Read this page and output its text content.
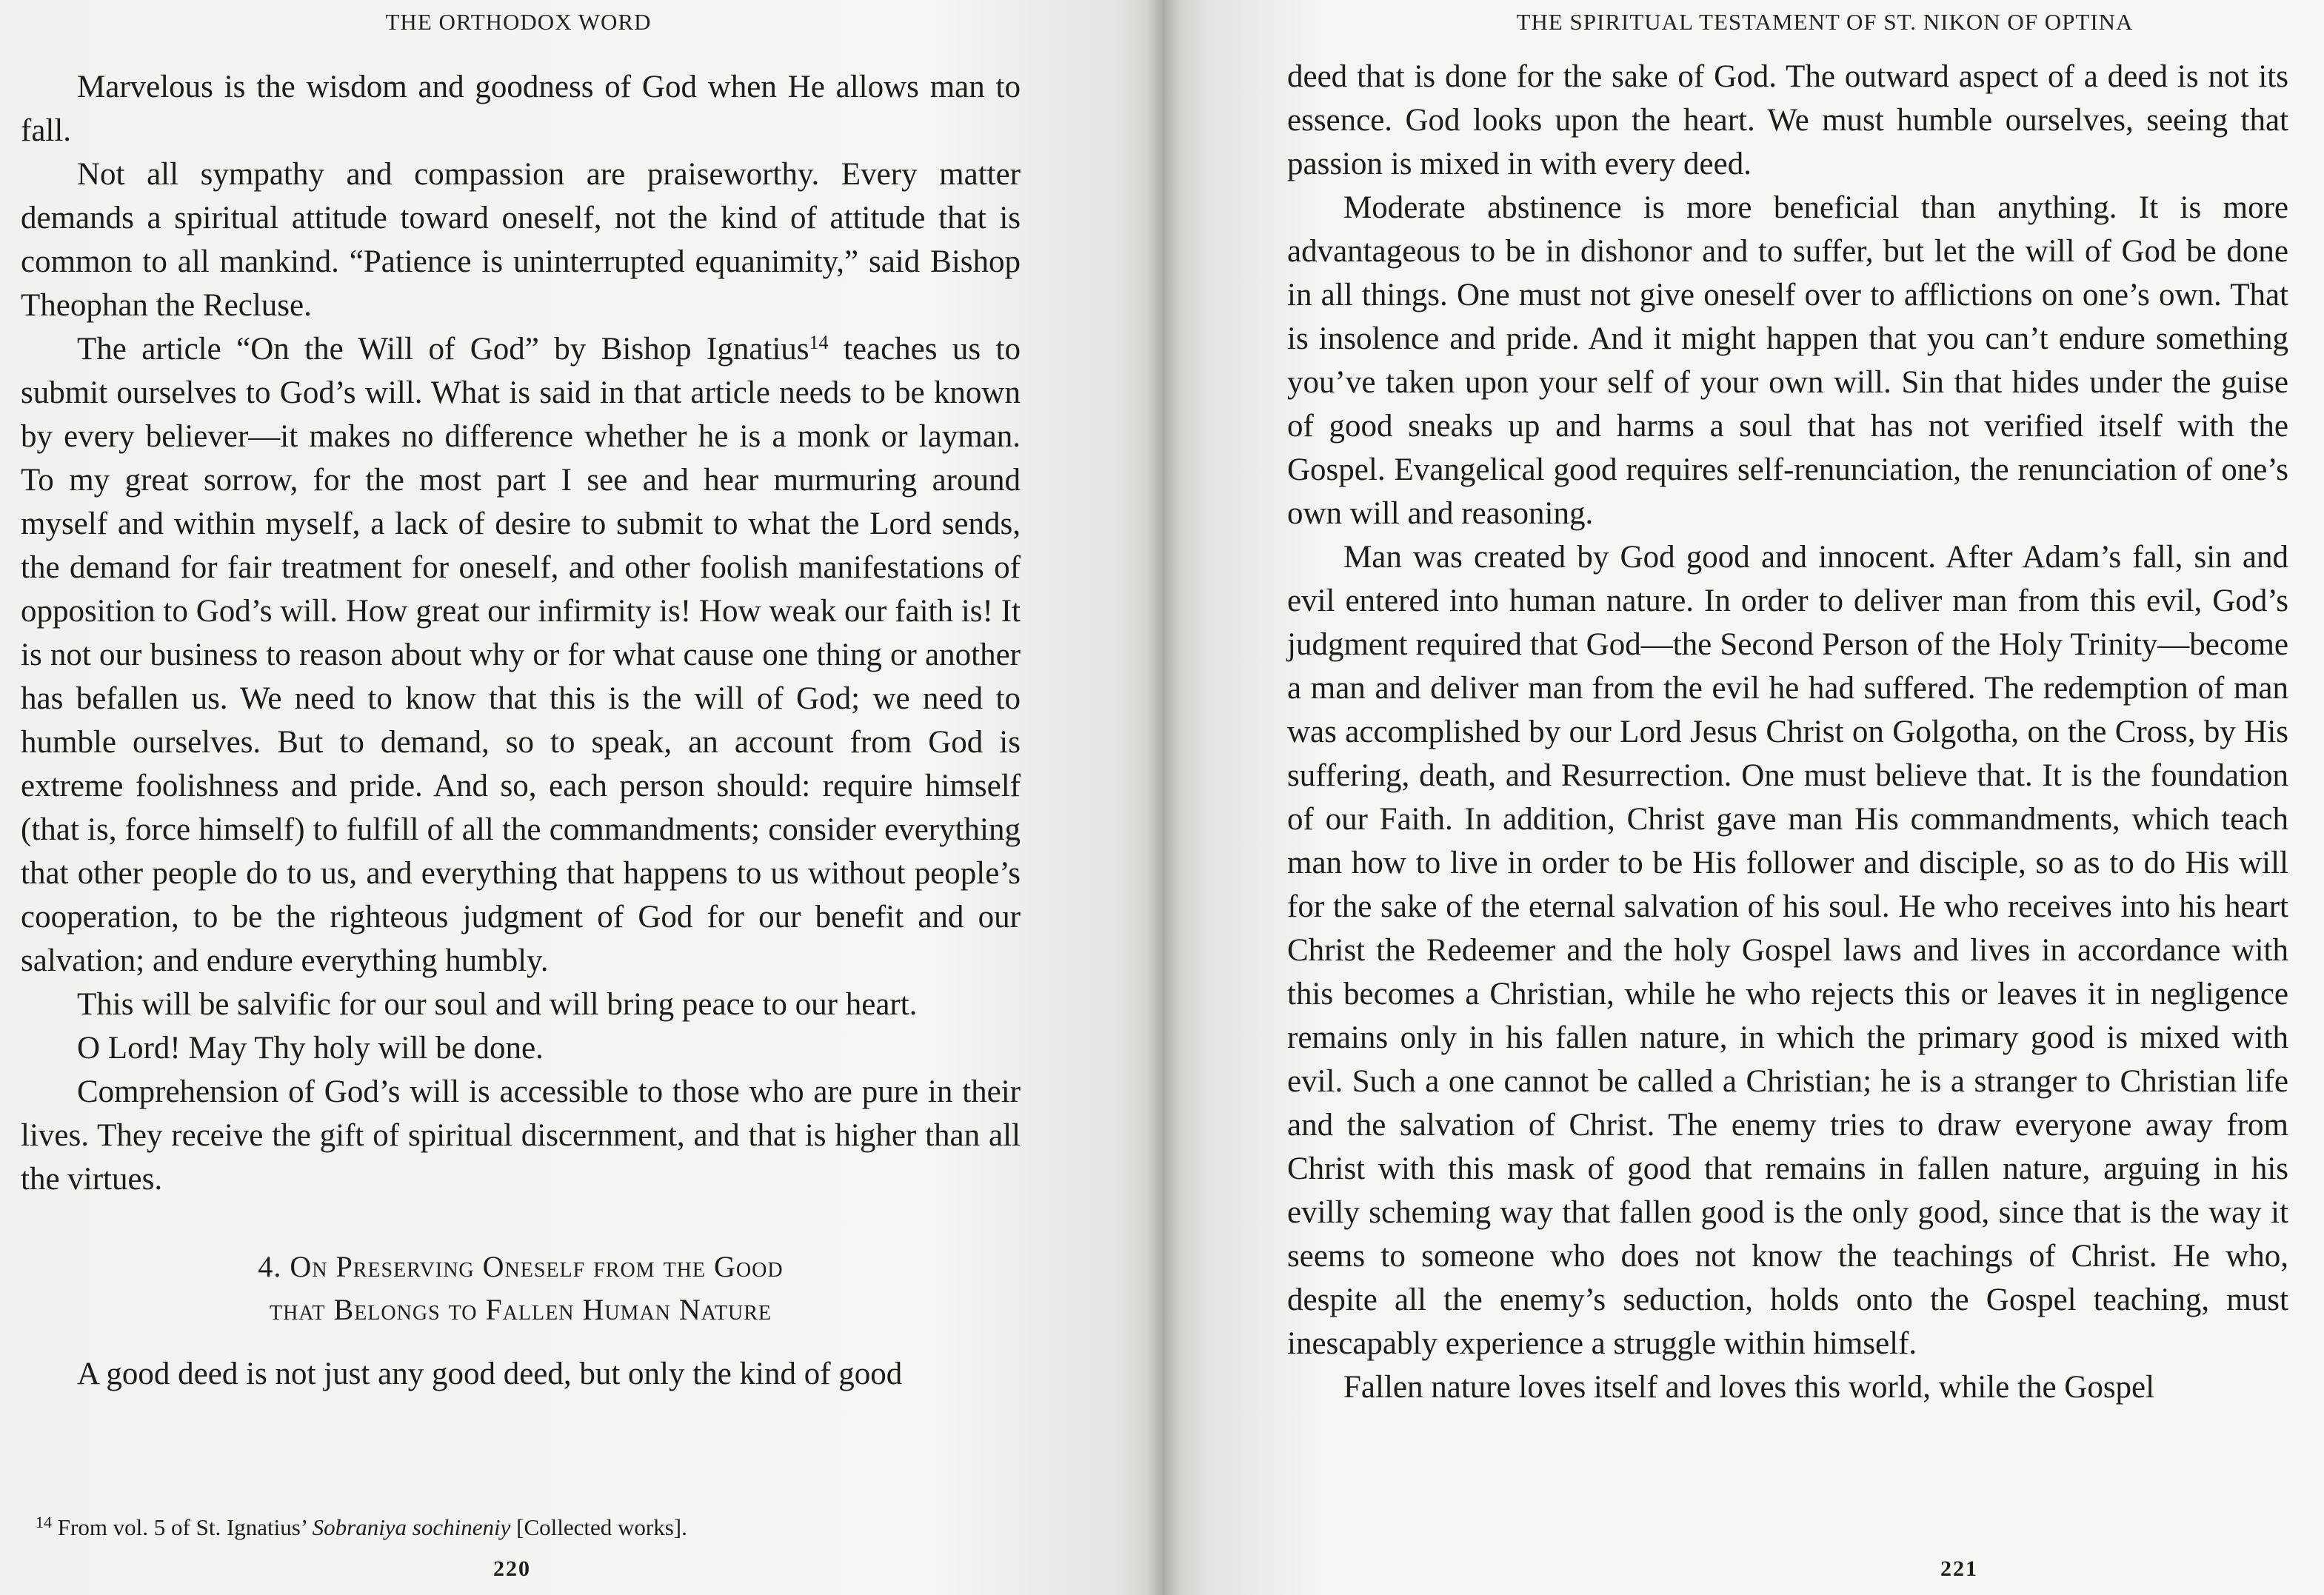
THE ORTHODOX WORD

Marvelous is the wisdom and goodness of God when He allows man to fall.

Not all sympathy and compassion are praiseworthy. Every matter demands a spiritual attitude toward oneself, not the kind of attitude that is common to all mankind. “Patience is uninterrupted equanimity,” said Bishop Theophan the Recluse.

The article “On the Will of God” by Bishop Ignatius$^{14}$ teaches us to submit ourselves to God’s will. What is said in that article needs to be known by every believer—it makes no difference whether he is a monk or layman. To my great sorrow, for the most part I see and hear murmuring around myself and within myself, a lack of desire to submit to what the Lord sends, the demand for fair treatment for oneself, and other foolish manifestations of opposition to God’s will. How great our infirmity is! How weak our faith is! It is not our business to reason about why or for what cause one thing or another has befallen us. We need to know that this is the will of God; we need to humble ourselves. But to demand, so to speak, an account from God is extreme foolishness and pride. And so, each person should: require himself (that is, force himself) to fulfill of all the commandments; consider everything that other people do to us, and everything that happens to us without people’s cooperation, to be the righteous judgment of God for our benefit and our salvation; and endure everything humbly.

This will be salvific for our soul and will bring peace to our heart.

O Lord! May Thy holy will be done.

Comprehension of God’s will is accessible to those who are pure in their lives. They receive the gift of spiritual discernment, and that is higher than all the virtues.

4. On Preserving Oneself from the Good
that Belongs to Fallen Human Nature

A good deed is not just any good deed, but only the kind of good

$^{14}$ From vol. 5 of St. Ignatius’ Sobraniya sochineniy [Collected works].
220
THE SPIRITUAL TESTAMENT OF ST. NIKON OF OPTINA

deed that is done for the sake of God. The outward aspect of a deed is not its essence. God looks upon the heart. We must humble ourselves, seeing that passion is mixed in with every deed.

Moderate abstinence is more beneficial than anything. It is more advantageous to be in dishonor and to suffer, but let the will of God be done in all things. One must not give oneself over to afflictions on one’s own. That is insolence and pride. And it might happen that you can’t endure something you’ve taken upon your self of your own will. Sin that hides under the guise of good sneaks up and harms a soul that has not verified itself with the Gospel. Evangelical good requires self-renunciation, the renunciation of one’s own will and reasoning.

Man was created by God good and innocent. After Adam’s fall, sin and evil entered into human nature. In order to deliver man from this evil, God’s judgment required that God—the Second Person of the Holy Trinity—become a man and deliver man from the evil he had suffered. The redemption of man was accomplished by our Lord Jesus Christ on Golgotha, on the Cross, by His suffering, death, and Resurrection. One must believe that. It is the foundation of our Faith. In addition, Christ gave man His commandments, which teach man how to live in order to be His follower and disciple, so as to do His will for the sake of the eternal salvation of his soul. He who receives into his heart Christ the Redeemer and the holy Gospel laws and lives in accordance with this becomes a Christian, while he who rejects this or leaves it in negligence remains only in his fallen nature, in which the primary good is mixed with evil. Such a one cannot be called a Christian; he is a stranger to Christian life and the salvation of Christ. The enemy tries to draw everyone away from Christ with this mask of good that remains in fallen nature, arguing in his evilly scheming way that fallen good is the only good, since that is the way it seems to someone who does not know the teachings of Christ. He who, despite all the enemy’s seduction, holds onto the Gospel teaching, must inescapably experience a struggle within himself.

Fallen nature loves itself and loves this world, while the Gospel

221
